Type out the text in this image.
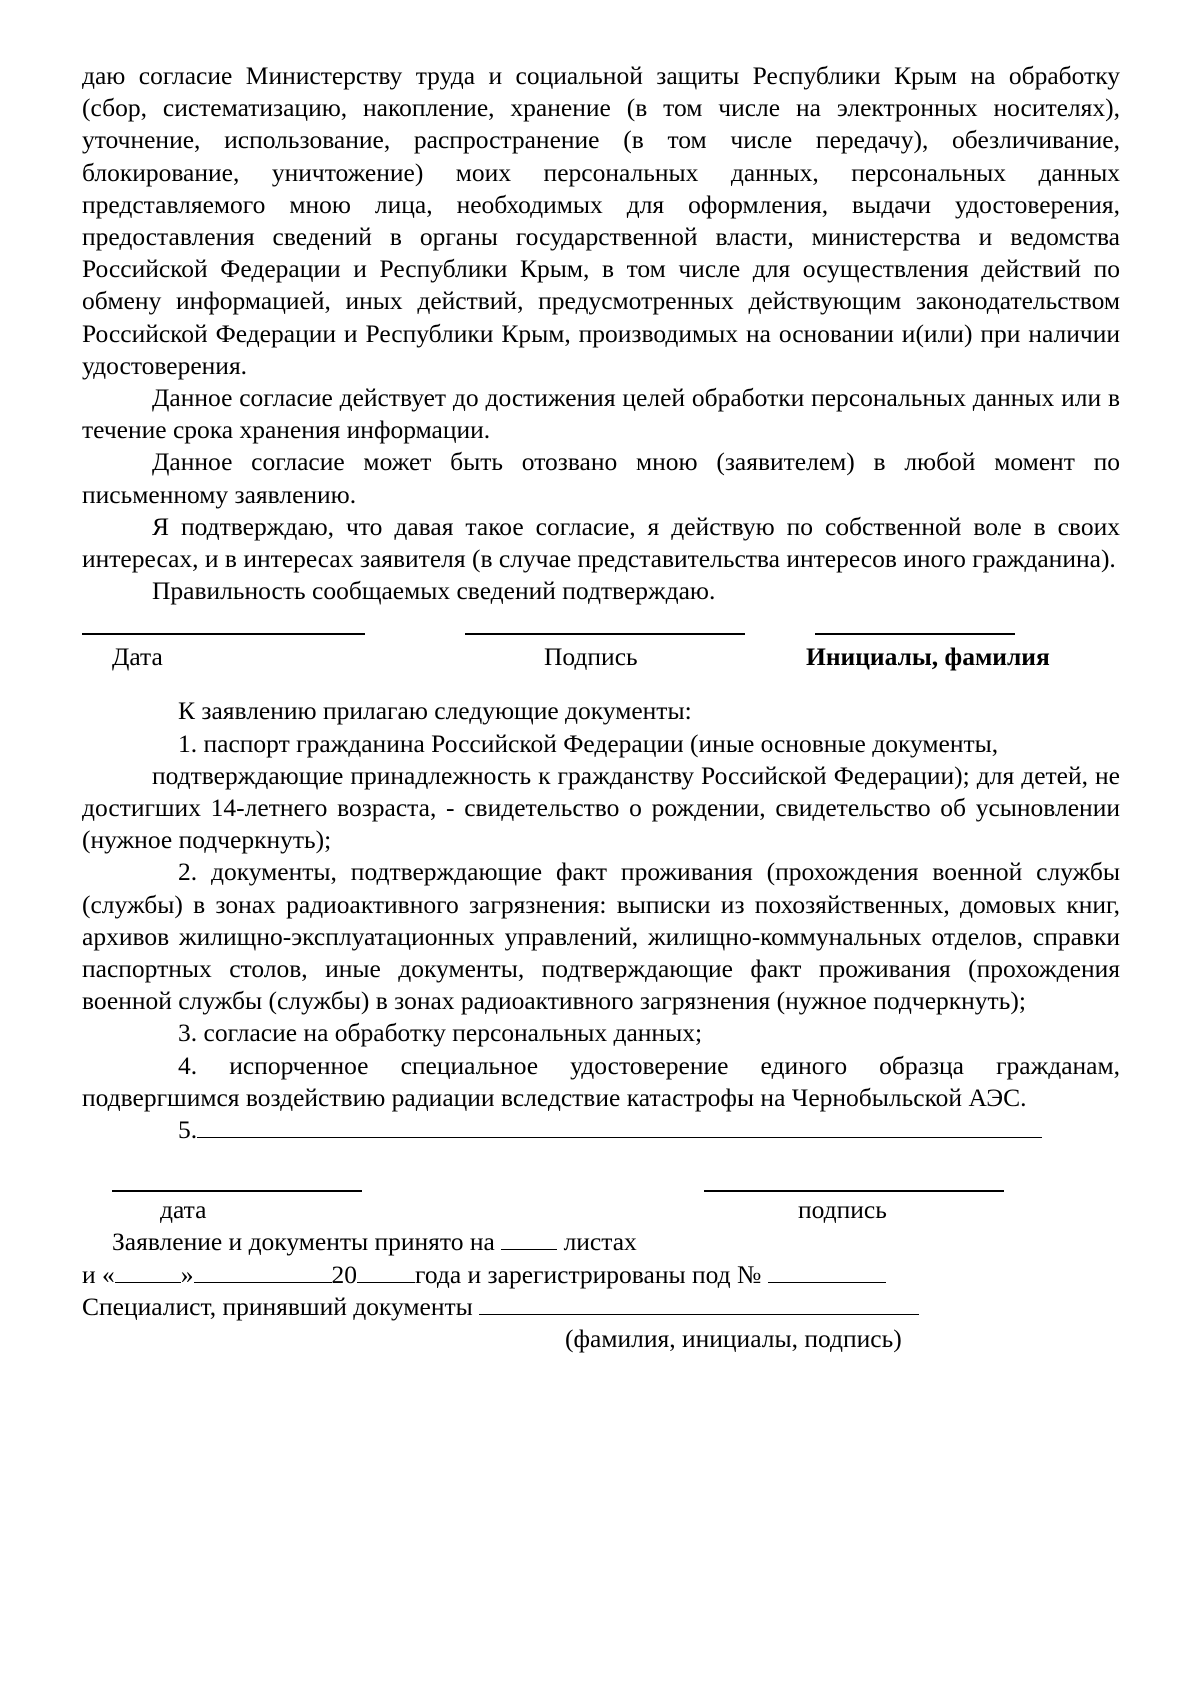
даю согласие Министерству труда и социальной защиты Республики Крым на обработку (сбор, систематизацию, накопление, хранение (в том числе на электронных носителях), уточнение, использование, распространение (в том числе передачу), обезличивание, блокирование, уничтожение) моих персональных данных, персональных данных представляемого мною лица, необходимых для оформления, выдачи удостоверения, предоставления сведений в органы государственной власти, министерства и ведомства Российской Федерации и Республики Крым, в том числе для осуществления действий по обмену информацией, иных действий, предусмотренных действующим законодательством Российской Федерации и Республики Крым, производимых на основании и(или) при наличии удостоверения.

Данное согласие действует до достижения целей обработки персональных данных или в течение срока хранения информации.

Данное согласие может быть отозвано мною (заявителем) в любой момент по письменному заявлению.

Я подтверждаю, что давая такое согласие, я действую по собственной воле в своих интересах, и в интересах заявителя (в случае представительства интересов иного гражданина).

Правильность сообщаемых сведений подтверждаю.

Дата	Подпись	Инициалы, фамилия

К заявлению прилагаю следующие документы:

1. паспорт гражданина Российской Федерации (иные основные документы,

подтверждающие принадлежность к гражданству Российской Федерации); для детей, не достигших 14-летнего возраста, - свидетельство о рождении, свидетельство об усыновлении (нужное подчеркнуть);

2. документы, подтверждающие факт проживания (прохождения военной службы (службы) в зонах радиоактивного загрязнения: выписки из похозяйственных, домовых книг, архивов жилищно-эксплуатационных управлений, жилищно-коммунальных отделов, справки паспортных столов, иные документы, подтверждающие факт проживания (прохождения военной службы (службы) в зонах радиоактивного загрязнения (нужное подчеркнуть);

3. согласие на обработку персональных данных;

4. испорченное специальное удостоверение единого образца гражданам, подвергшимся воздействию радиации вследствие катастрофы на Чернобыльской АЭС.

5.

дата	подпись

Заявление и документы принято на	листах

и «	»	20 года и зарегистрированы под №

Специалист, принявший документы

(фамилия, инициалы, подпись)
